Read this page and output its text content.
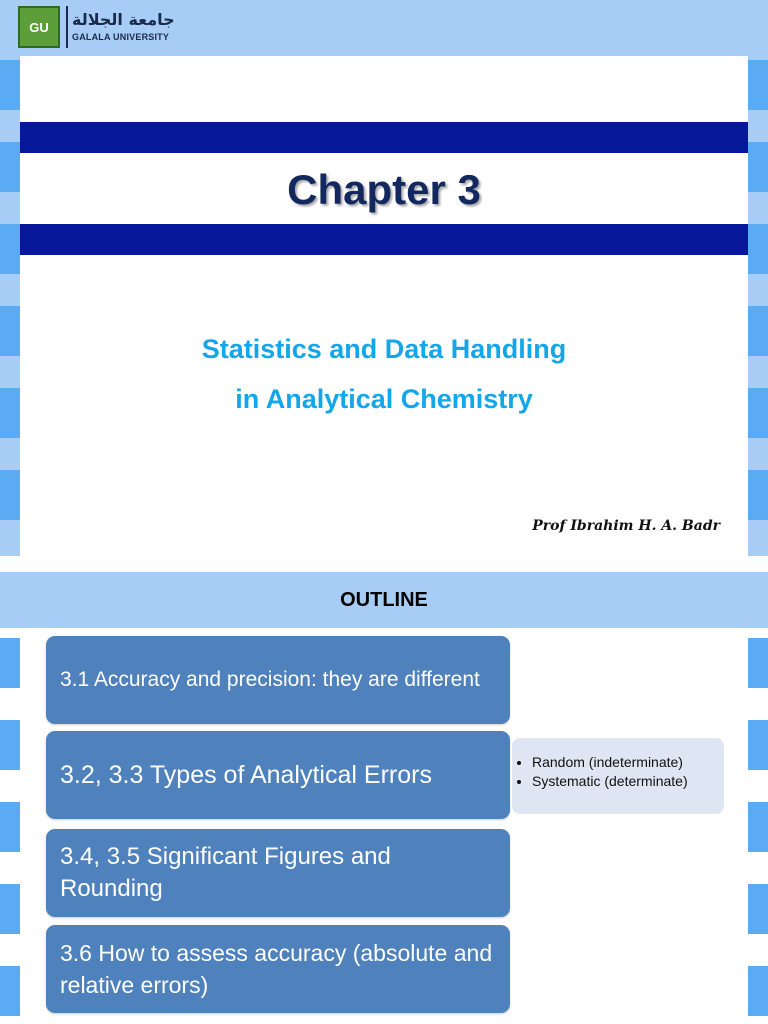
GU	جامعة الجلالة
GALALA UNIVERSITY
Chapter 3
Statistics and Data Handling
in Analytical Chemistry
Prof Ibrahim H. A. Badr
OUTLINE
3.1 Accuracy and precision: they are different
3.2, 3.3 Types of Analytical Errors
3.4, 3.5 Significant Figures and Rounding
3.6 How to assess accuracy (absolute and relative errors)
• Random (indeterminate)
• Systematic (determinate)
